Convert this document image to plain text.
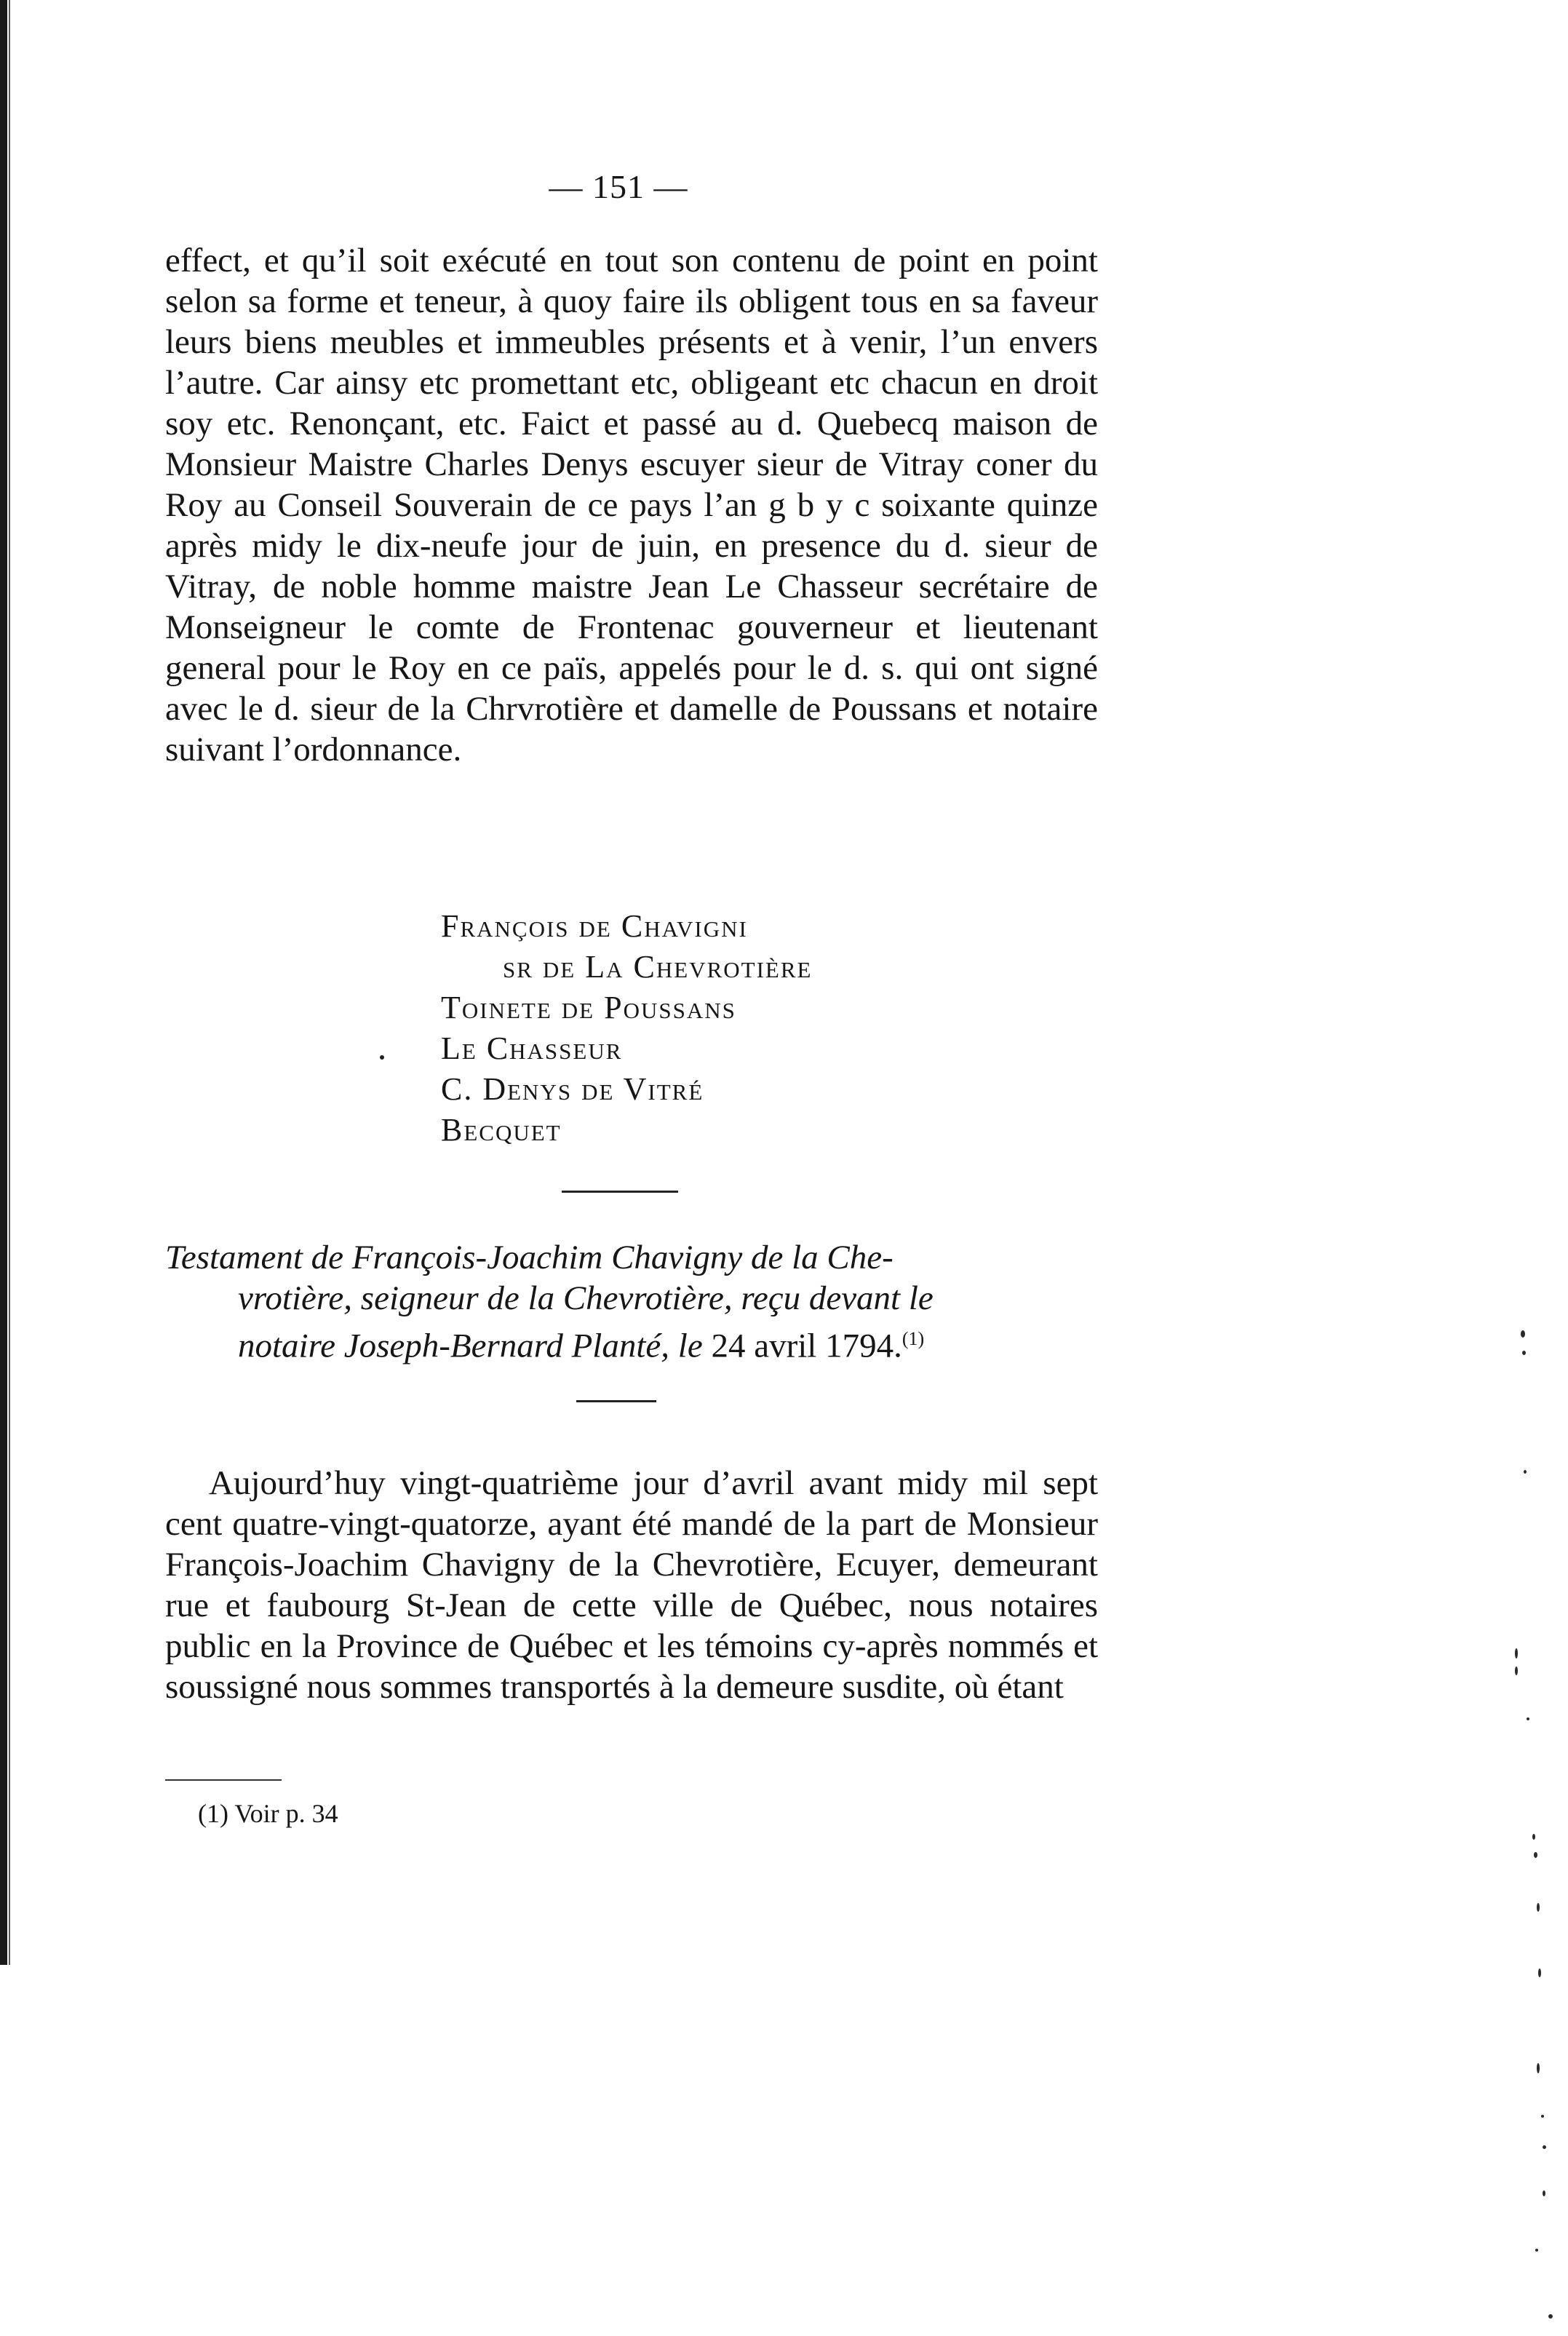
— 151 —

effect, et qu’il soit exécuté en tout son contenu de point en point selon sa forme et teneur, à quoy faire ils obligent tous en sa faveur leurs biens meubles et immeubles présents et à venir, l’un envers l’autre. Car ainsy etc promettant etc, obligeant etc chacun en droit soy etc. Renonçant, etc. Faict et passé au d. Quebecq maison de Monsieur Maistre Charles Denys escuyer sieur de Vitray coner du Roy au Conseil Souverain de ce pays l’an g b y c soixante quinze après midy le dix-neufe jour de juin, en presence du d. sieur de Vitray, de noble homme maistre Jean Le Chasseur secrétaire de Monseigneur le comte de Frontenac gouverneur et lieutenant general pour le Roy en ce païs, appelés pour le d. s. qui ont signé avec le d. sieur de la Chrvrotière et damelle de Poussans et notaire suivant l’ordonnance.

François de Chavigni
sr de La Chevrotière
Toinete de Poussans
Le Chasseur
C. Denys de Vitré
Becquet

Testament de François-Joachim Chavigny de la Che-
vrotière, seigneur de la Chevrotière, reçu devant le
notaire Joseph-Bernard Planté, le 24 avril 1794.$^{(1)}$

Aujourd’huy vingt-quatrième jour d’avril avant midy mil sept cent quatre-vingt-quatorze, ayant été mandé de la part de Monsieur François-Joachim Chavigny de la Chevrotière, Ecuyer, demeurant rue et faubourg St-Jean de cette ville de Québec, nous notaires public en la Province de Québec et les témoins cy-après nommés et soussigné nous sommes transportés à la demeure susdite, où étant

(1) Voir p. 34
